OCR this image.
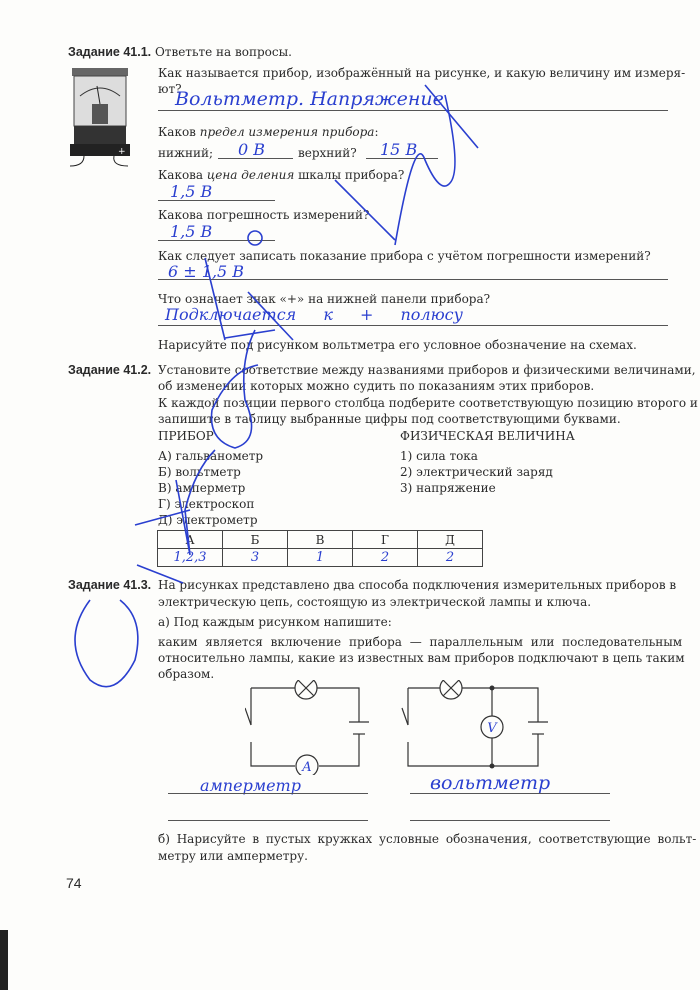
Задание 41.1. Ответьте на вопросы.
+
Как называется прибор, изображённый на рисунке, и какую величину им измеря-
ют?
Вольтметр. Напряжение
Каков предел измерения прибора:
нижний; 0 В	верхний? 15 В
Какова цена деления шкалы прибора?
1,5 В
Какова погрешность измерений?
1,5 В
Как следует записать показание прибора с учётом погрешности измерений?
6 ± 1,5 В
Что означает знак «+» на нижней панели прибора?
Подключается к + полюсу
Нарисуйте под рисунком вольтметра его условное обозначение на схемах.
Задание 41.2. Установите соответствие между названиями приборов и физическими величинами,
об изменении которых можно судить по показаниям этих приборов.
К каждой позиции первого столбца подберите соответствующую позицию второго и
запишите в таблицу выбранные цифры под соответствующими буквами.
ПРИБОР	ФИЗИЧЕСКАЯ ВЕЛИЧИНА
А) гальванометр
Б) вольтметр
В) амперметр
Г) электроскоп
Д) электрометр
1) сила тока
2) электрический заряд
3) напряжение
А	Б	В	Г	Д
1,2,3	3	1	2	2
Задание 41.3. На рисунках представлено два способа подключения измерительных приборов в
электрическую цепь, состоящую из электрической лампы и ключа.
а) Под каждым рисунком напишите:
каким является включение прибора — параллельным или последовательным
относительно лампы, какие из известных вам приборов подключают в цепь таким
образом.
A
V
амперметр	вольтметр
б) Нарисуйте в пустых кружках условные обозначения, соответствующие вольт-
метру или амперметру.
74
